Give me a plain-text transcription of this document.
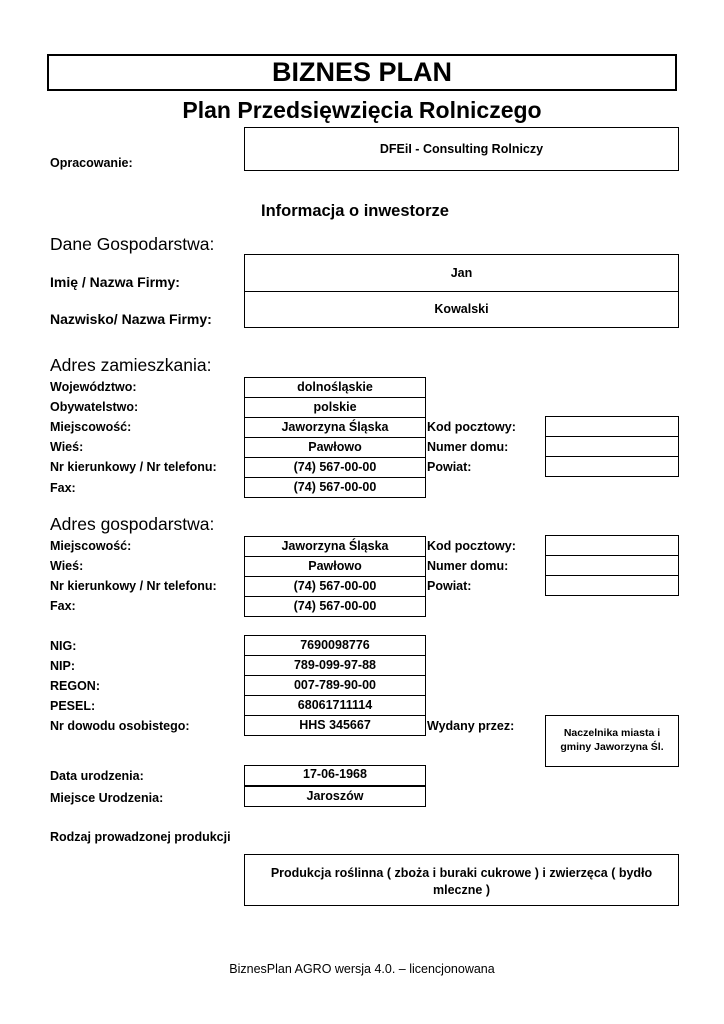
BIZNES PLAN
Plan Przedsięwzięcia Rolniczego
Opracowanie:
DFEiI - Consulting Rolniczy
Informacja o inwestorze
Dane Gospodarstwa:
Imię / Nazwa Firmy:
Jan
Nazwisko/ Nazwa Firmy:
Kowalski
Adres zamieszkania:
Województwo:	dolnośląskie
Obywatelstwo:	polskie
Miejscowość:	Jaworzyna Śląska	Kod pocztowy:
Wieś:	Pawłowo	Numer domu:
Nr kierunkowy / Nr telefonu:	(74) 567-00-00	Powiat:
Fax:	(74) 567-00-00
Adres gospodarstwa:
Miejscowość:	Jaworzyna Śląska	Kod pocztowy:
Wieś:	Pawłowo	Numer domu:
Nr kierunkowy / Nr telefonu:	(74) 567-00-00	Powiat:
Fax:	(74) 567-00-00
NIG:	7690098776
NIP:	789-099-97-88
REGON:	007-789-90-00
PESEL:	68061711114
Nr dowodu osobistego:	HHS 345667	Wydany przez:	Naczelnika miasta i gminy Jaworzyna Śl.
Data urodzenia:	17-06-1968
Miejsce Urodzenia:	Jaroszów
Rodzaj prowadzonej produkcji
Produkcja roślinna ( zboża i buraki cukrowe ) i zwierzęca ( bydło mleczne )
BiznesPlan AGRO wersja 4.0. – licencjonowana
